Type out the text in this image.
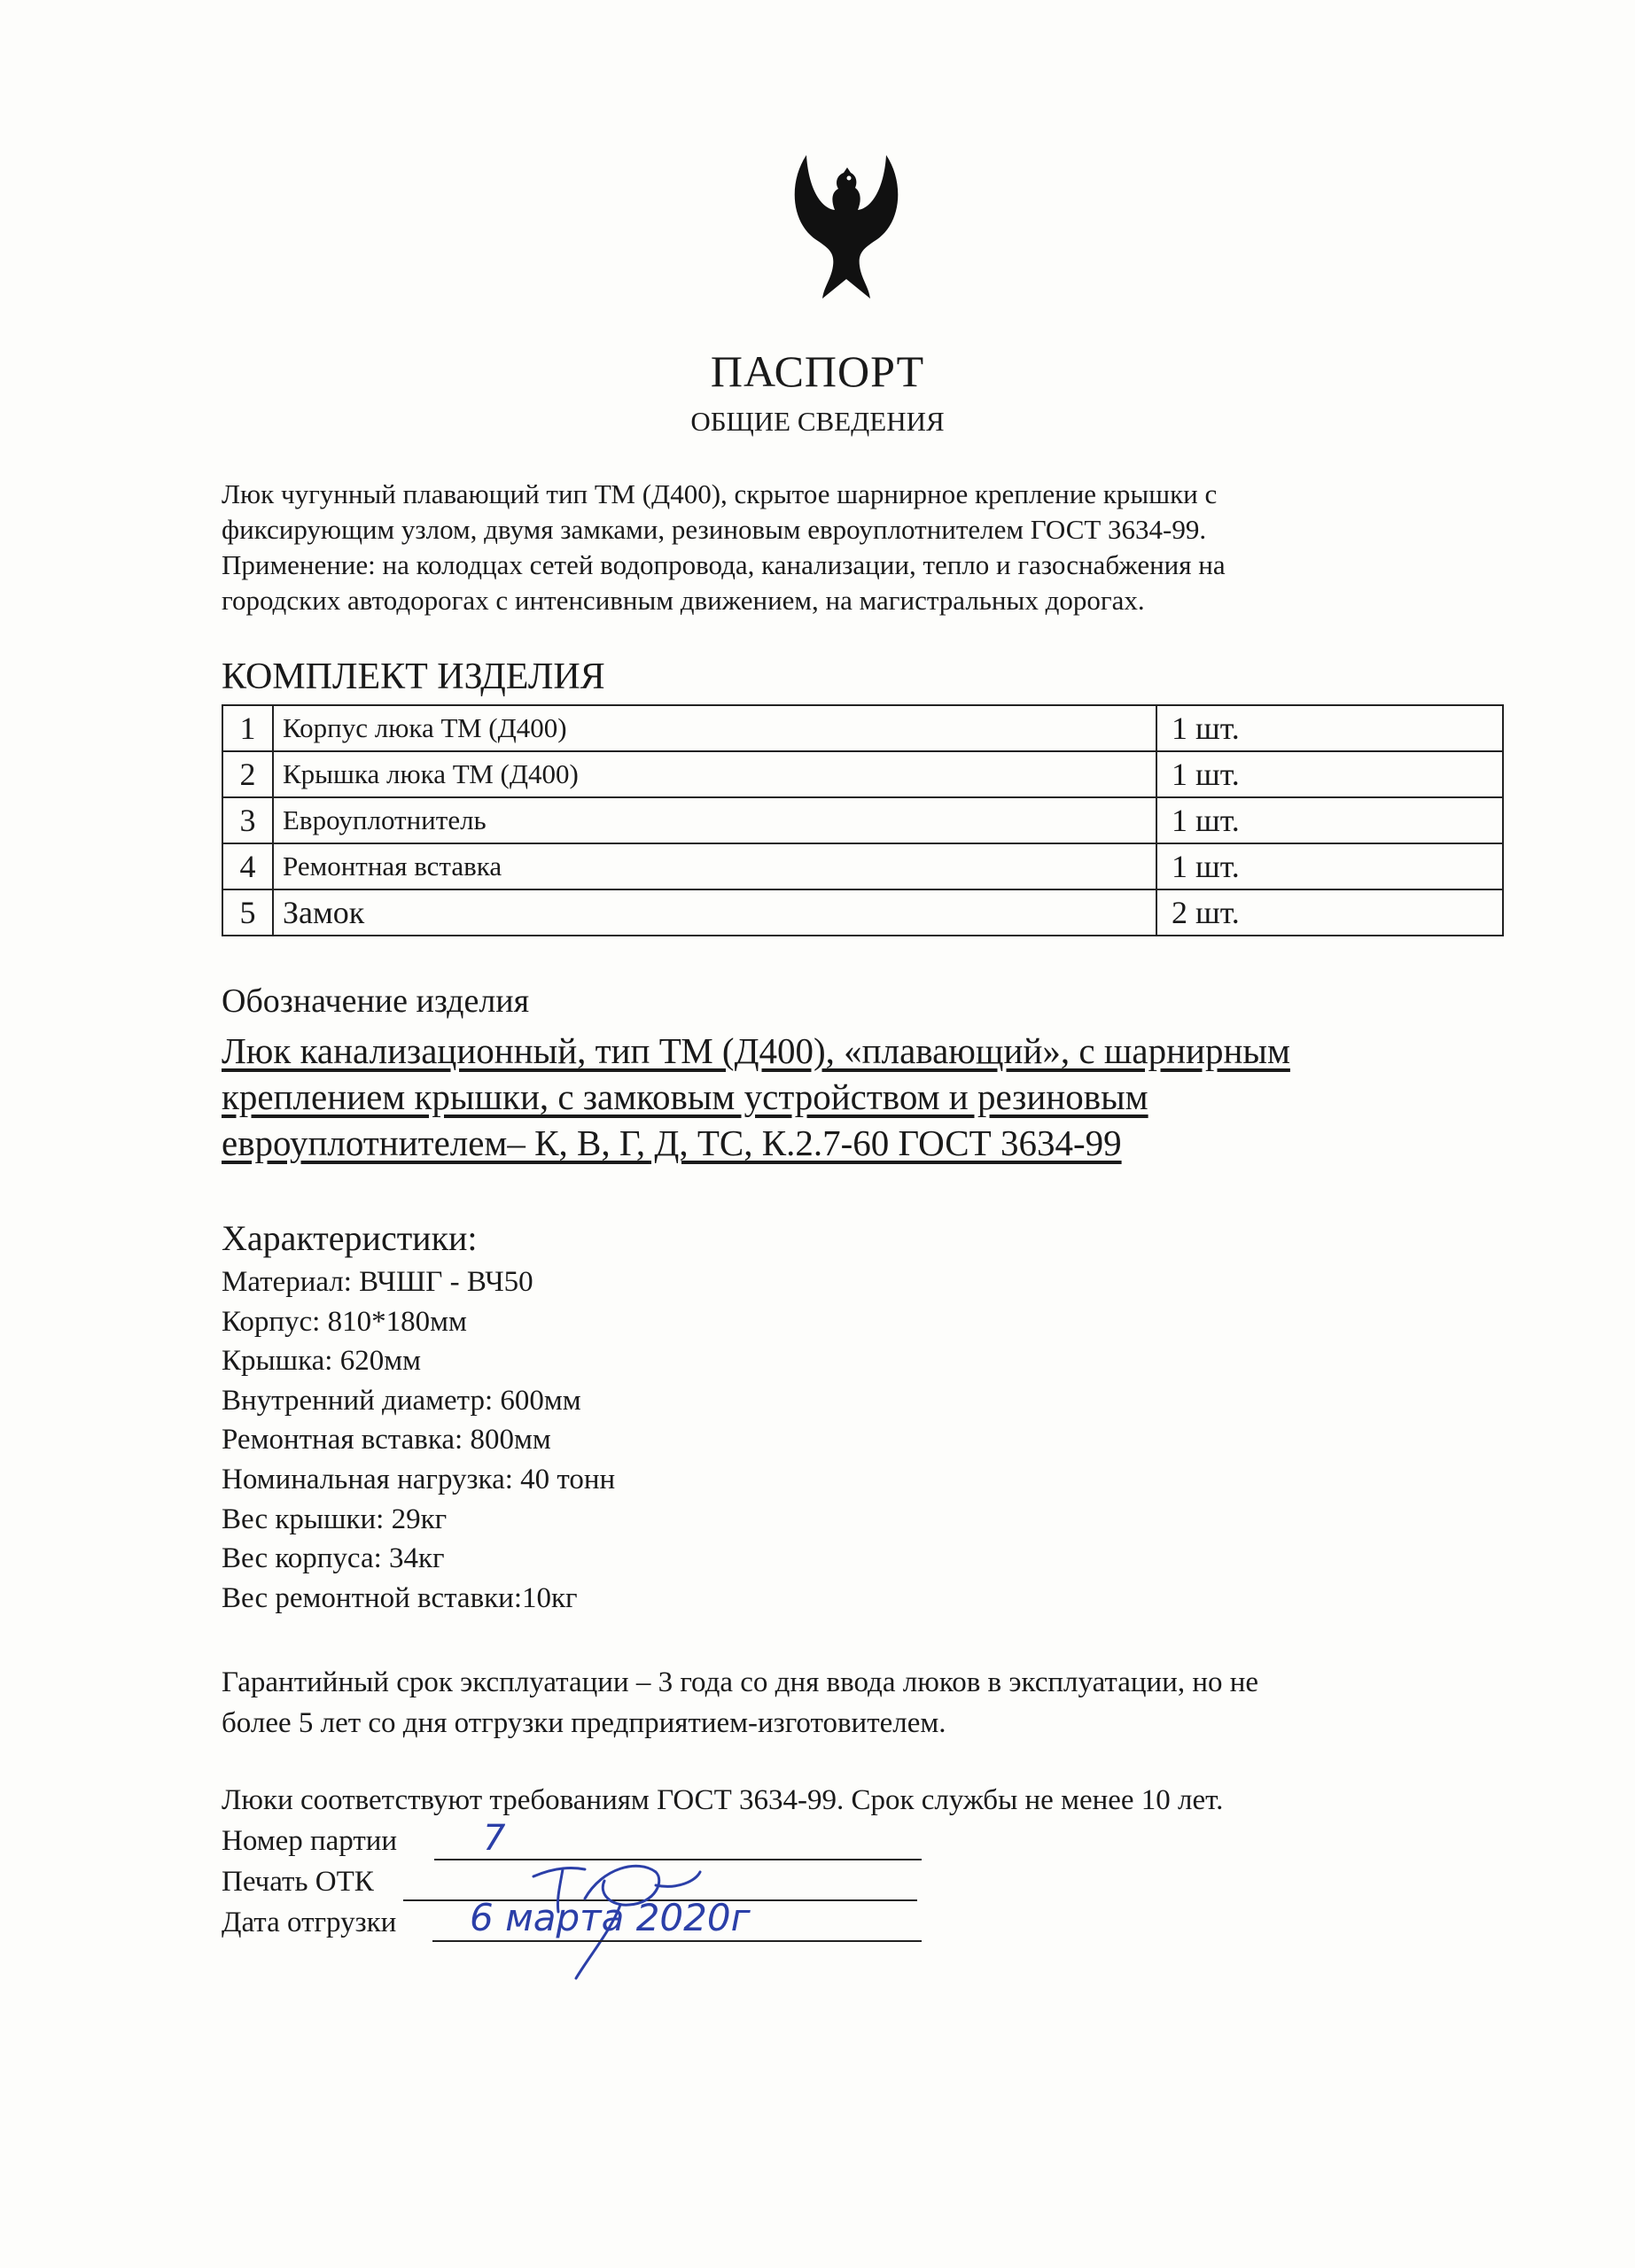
ПАСПОРТ
ОБЩИЕ СВЕДЕНИЯ
Люк чугунный плавающий тип ТМ (Д400), скрытое шарнирное крепление крышки с
фиксирующим узлом, двумя замками, резиновым евроуплотнителем ГОСТ 3634-99.
Применение: на колодцах сетей водопровода, канализации, тепло и газоснабжения на
городских автодорогах с интенсивным движением, на магистральных дорогах.
КОМПЛЕКТ ИЗДЕЛИЯ
1	Корпус люка ТМ (Д400)	1 шт.
2	Крышка люка ТМ (Д400)	1 шт.
3	Евроуплотнитель	1 шт.
4	Ремонтная вставка	1 шт.
5	Замок	2 шт.
Обозначение изделия
Люк канализационный, тип ТМ (Д400), «плавающий», с шарнирным
креплением крышки, с замковым устройством и резиновым
евроуплотнителем– К, В, Г, Д, ТС, К.2.7-60 ГОСТ 3634-99
Характеристики:
Материал: ВЧШГ - ВЧ50
Корпус: 810*180мм
Крышка: 620мм
Внутренний диаметр: 600мм
Ремонтная вставка: 800мм
Номинальная нагрузка: 40 тонн
Вес крышки: 29кг
Вес корпуса: 34кг
Вес ремонтной вставки:10кг
Гарантийный срок эксплуатации – 3 года со дня ввода люков в эксплуатации, но не
более 5 лет со дня отгрузки предприятием-изготовителем.
Люки соответствуют требованиям ГОСТ 3634-99. Срок службы не менее 10 лет.
Номер партии 7
Печать ОТК
Дата отгрузки 6 марта 2020г
